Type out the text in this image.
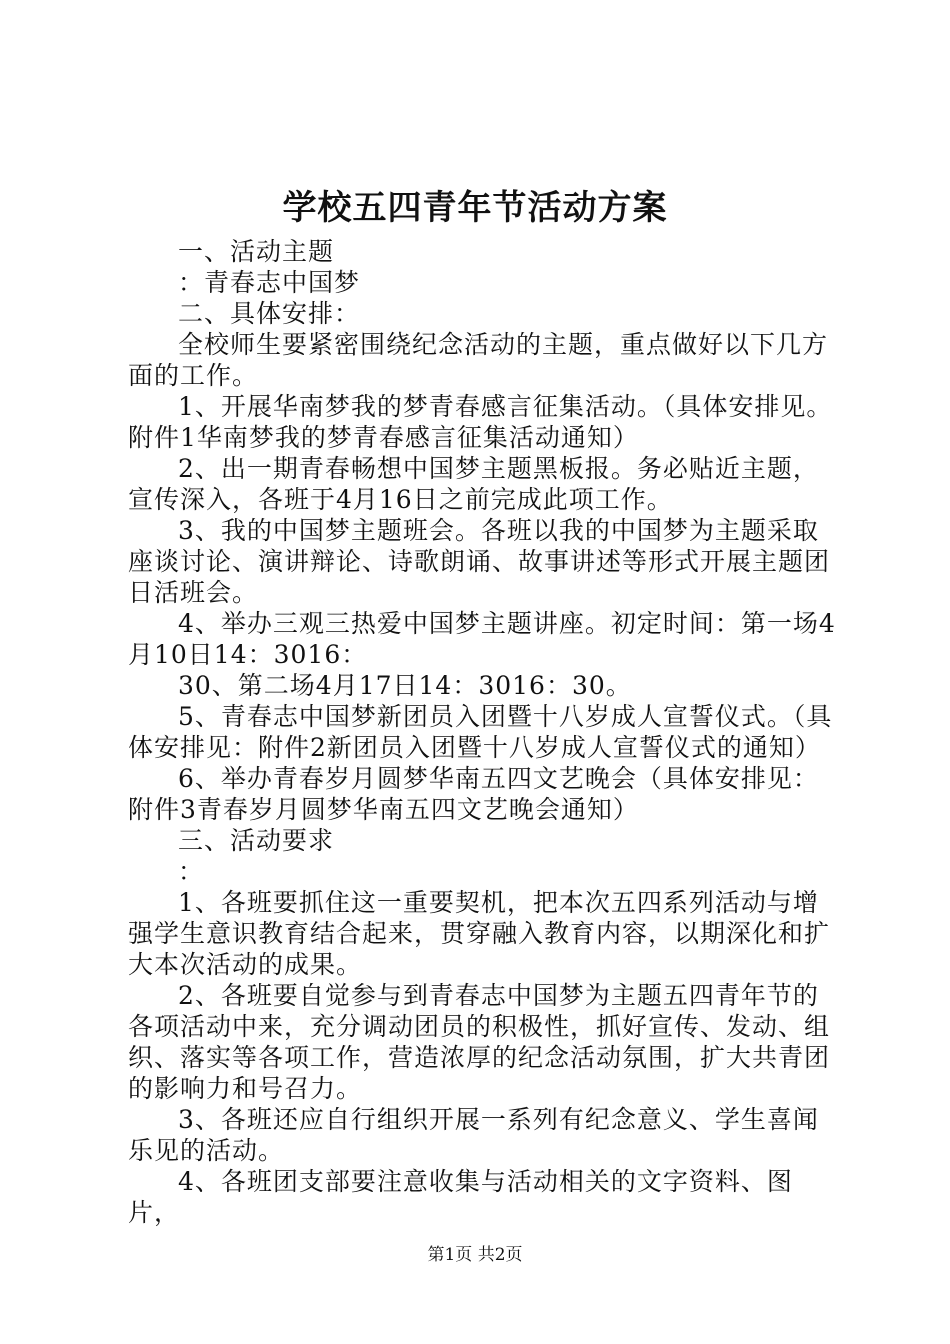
学校五四青年节活动方案

一、活动主题

：青春志中国梦

二、具体安排：

全校师生要紧密围绕纪念活动的主题，重点做好以下几方面的工作。

1、开展华南梦我的梦青春感言征集活动。（具体安排见。附件1华南梦我的梦青春感言征集活动通知）

2、出一期青春畅想中国梦主题黑板报。务必贴近主题，宣传深入，各班于4月16日之前完成此项工作。

3、我的中国梦主题班会。各班以我的中国梦为主题采取座谈讨论、演讲辩论、诗歌朗诵、故事讲述等形式开展主题团日活班会。

4、举办三观三热爱中国梦主题讲座。初定时间：第一场4月10日14：3016：

30、第二场4月17日14：3016：30。

5、青春志中国梦新团员入团暨十八岁成人宣誓仪式。（具体安排见：附件2新团员入团暨十八岁成人宣誓仪式的通知）

6、举办青春岁月圆梦华南五四文艺晚会（具体安排见：附件3青春岁月圆梦华南五四文艺晚会通知）

三、活动要求

：

1、各班要抓住这一重要契机，把本次五四系列活动与增强学生意识教育结合起来，贯穿融入教育内容，以期深化和扩大本次活动的成果。

2、各班要自觉参与到青春志中国梦为主题五四青年节的各项活动中来，充分调动团员的积极性，抓好宣传、发动、组织、落实等各项工作，营造浓厚的纪念活动氛围，扩大共青团的影响力和号召力。

3、各班还应自行组织开展一系列有纪念意义、学生喜闻乐见的活动。

4、各班团支部要注意收集与活动相关的文字资料、图片，

第1页 共2页
